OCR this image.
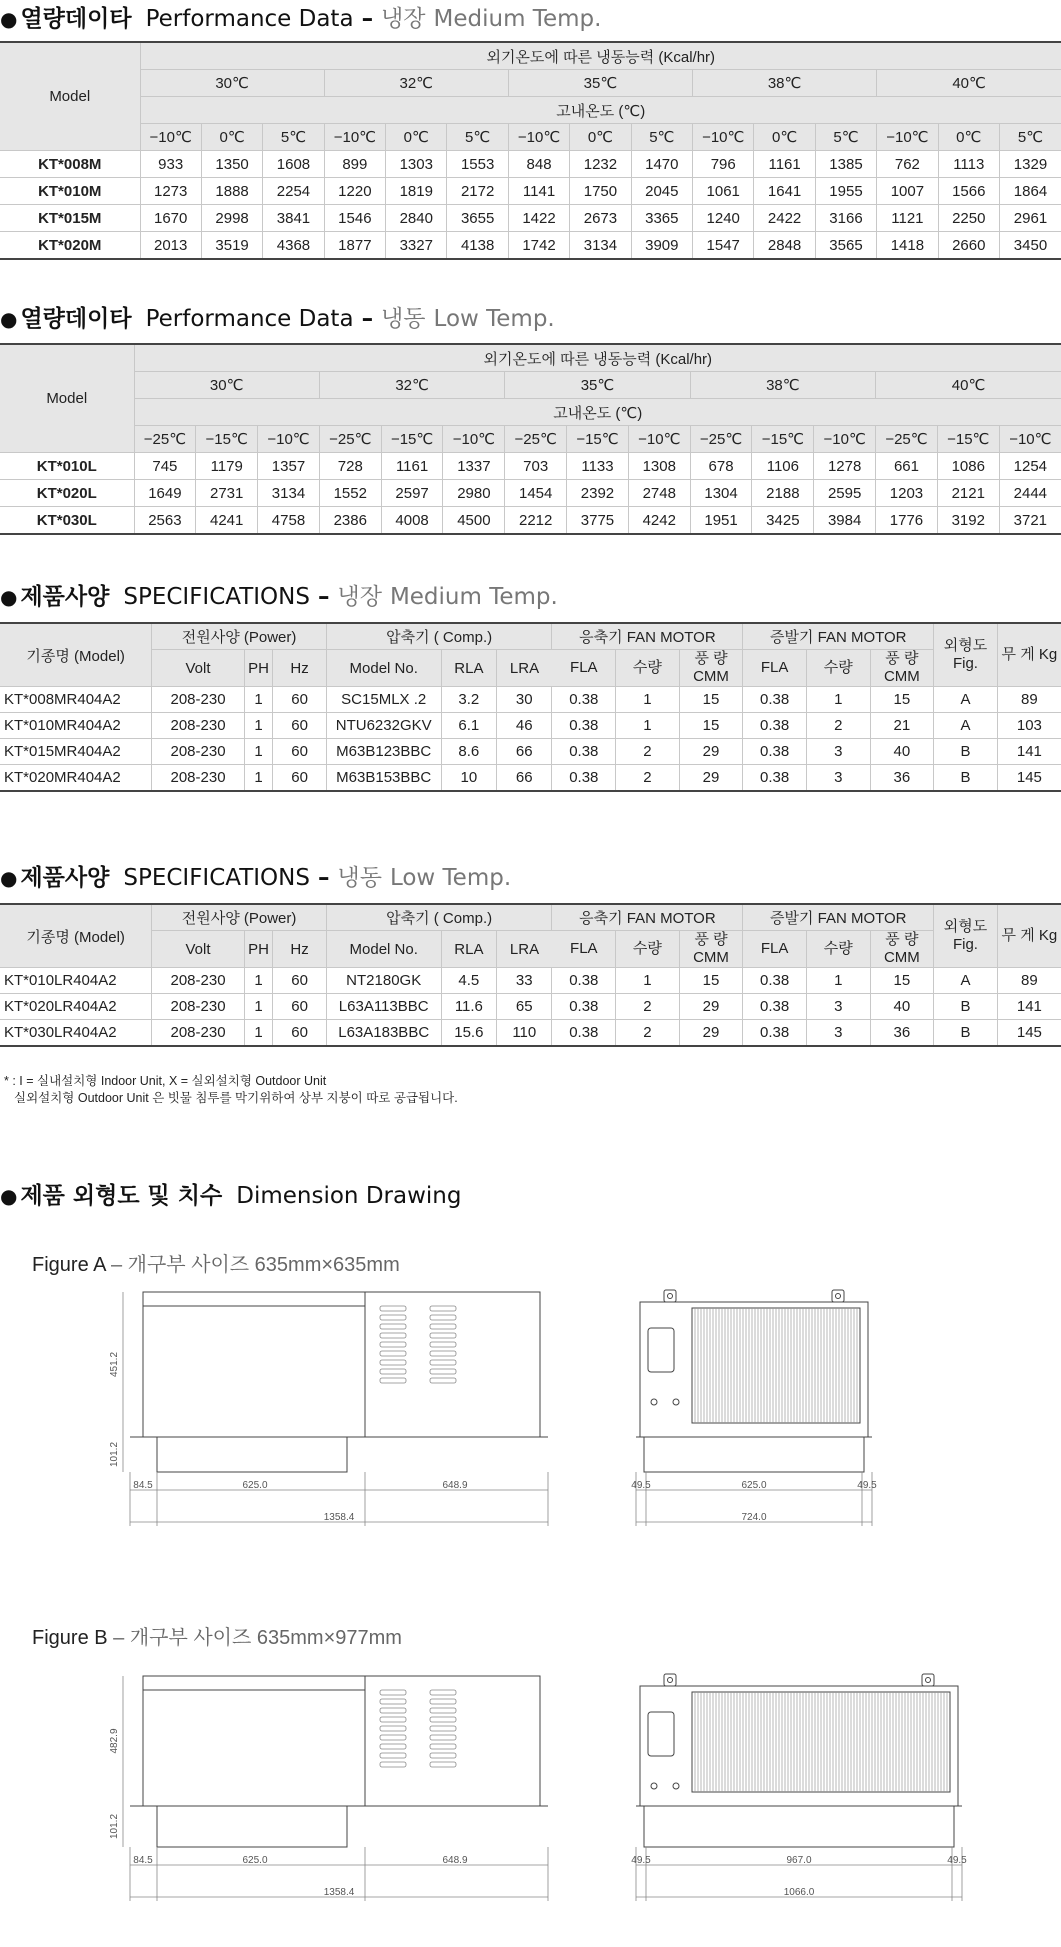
● 열량데이타 Performance Data – 냉장 Medium Temp.
Model	외기온도에 따른 냉동능력 (Kcal/hr)														
	30℃			32℃			35℃			38℃			40℃		
	고내온도 (℃)														
	−10℃	0℃	5℃	−10℃	0℃	5℃	−10℃	0℃	5℃	−10℃	0℃	5℃	−10℃	0℃	5℃
KT*008M	933	1350	1608	899	1303	1553	848	1232	1470	796	1161	1385	762	1113	1329
KT*010M	1273	1888	2254	1220	1819	2172	1141	1750	2045	1061	1641	1955	1007	1566	1864
KT*015M	1670	2998	3841	1546	2840	3655	1422	2673	3365	1240	2422	3166	1121	2250	2961
KT*020M	2013	3519	4368	1877	3327	4138	1742	3134	3909	1547	2848	3565	1418	2660	3450
● 열량데이타 Performance Data – 냉동 Low Temp.
Model	외기온도에 따른 냉동능력 (Kcal/hr)														
	30℃			32℃			35℃			38℃			40℃		
	고내온도 (℃)														
	−25℃	−15℃	−10℃	−25℃	−15℃	−10℃	−25℃	−15℃	−10℃	−25℃	−15℃	−10℃	−25℃	−15℃	−10℃
KT*010L	745	1179	1357	728	1161	1337	703	1133	1308	678	1106	1278	661	1086	1254
KT*020L	1649	2731	3134	1552	2597	2980	1454	2392	2748	1304	2188	2595	1203	2121	2444
KT*030L	2563	4241	4758	2386	4008	4500	2212	3775	4242	1951	3425	3984	1776	3192	3721
● 제품사양 SPECIFICATIONS – 냉장 Medium Temp.
기종명 (Model)	전원사양 (Power)			압축기 ( Comp.)			응축기 FAN MOTOR			증발기 FAN MOTOR			외형도 Fig.	무 게 Kg
							FLA	수량	풍 량 CMM	FLA	수량	풍 량 CMM		
	Volt	PH	Hz	Model No.	RLA	LRA								
KT*008MR404A2	208-230	1	60	SC15MLX .2	3.2	30	0.38	1	15	0.38	1	15	A	89
KT*010MR404A2	208-230	1	60	NTU6232GKV	6.1	46	0.38	1	15	0.38	2	21	A	103
KT*015MR404A2	208-230	1	60	M63B123BBC	8.6	66	0.38	2	29	0.38	3	40	B	141
KT*020MR404A2	208-230	1	60	M63B153BBC	10	66	0.38	2	29	0.38	3	36	B	145
● 제품사양 SPECIFICATIONS – 냉동 Low Temp.
기종명 (Model)	전원사양 (Power)			압축기 ( Comp.)			응축기 FAN MOTOR			증발기 FAN MOTOR			외형도 Fig.	무 게 Kg
							FLA	수량	풍 량 CMM	FLA	수량	풍 량 CMM		
	Volt	PH	Hz	Model No.	RLA	LRA								
KT*010LR404A2	208-230	1	60	NT2180GK	4.5	33	0.38	1	15	0.38	1	15	A	89
KT*020LR404A2	208-230	1	60	L63A113BBC	11.6	65	0.38	2	29	0.38	3	40	B	141
KT*030LR404A2	208-230	1	60	L63A183BBC	15.6	110	0.38	2	29	0.38	3	36	B	145
* : I = 실내설치형 Indoor Unit, X = 실외설치형 Outdoor Unit
실외설치형 Outdoor Unit 은 빗물 침투를 막기위하여 상부 지붕이 따로 공급됩니다.
● 제품 외형도 및 치수 Dimension Drawing
Figure A – 개구부 사이즈 635mm×635mm
451.2
101.2
84.5	625.0	648.9
1358.4
49.5	625.0	49.5
724.0
Figure B – 개구부 사이즈 635mm×977mm
482.9
101.2
84.5	625.0	648.9
1358.4
49.5	967.0	49.5
1066.0
